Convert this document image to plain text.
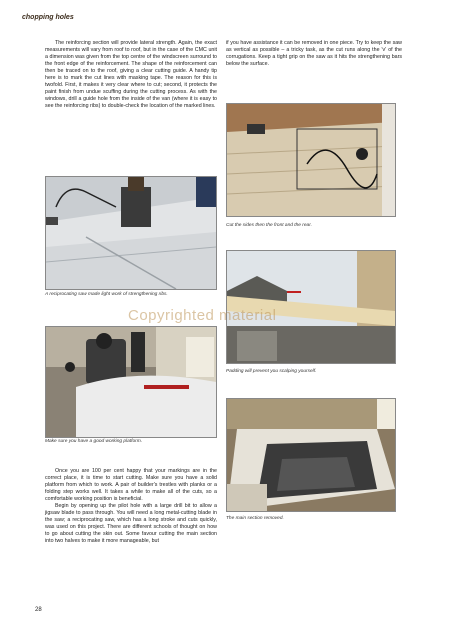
chopping holes

The reinforcing section will provide lateral strength. Again, the exact measurements will vary from roof to roof, but in the case of the CMC unit a dimension was given from the top centre of the windscreen surround to the front edge of the reinforcement. The shape of the reinforcement can then be traced on to the roof, giving a clear cutting guide. A handy tip here is to mark the cut lines with masking tape. The reason for this is twofold. First, it makes it very clear where to cut; second, it protects the paint finish from undue scuffing during the cutting process. As with the windows, drill a guide hole from the inside of the van (where it is easy to see the reinforcing ribs) to double-check the location of the marked lines.

if you have assistance it can be removed in one piece. Try to keep the saw as vertical as possible – a tricky task, as the cut runs along the 'v' of the corrugations. Keep a tight grip on the saw as it hits the strengthening bars below the surface.

A reciprocating saw made light work of strengthening ribs.
Make sure you have a good working platform.

Once you are 100 per cent happy that your markings are in the correct place, it is time to start cutting. Make sure you have a solid platform from which to work. A pair of builder's trestles with planks or a folding step works well. It takes a while to make all of the cuts, so a comfortable working position is beneficial.

Begin by opening up the pilot hole with a large drill bit to allow a jigsaw blade to pass through. You will need a long metal-cutting blade in the saw; a reciprocating saw, which has a long stroke and cuts quickly, was used on this project. There are different schools of thought on how to go about cutting the skin out. Some favour cutting the main section into two halves to make it more manageable, but

Cut the sides then the front and the rear.
Padding will prevent you scalping yourself.
The main section removed.
Copyrighted material
28
